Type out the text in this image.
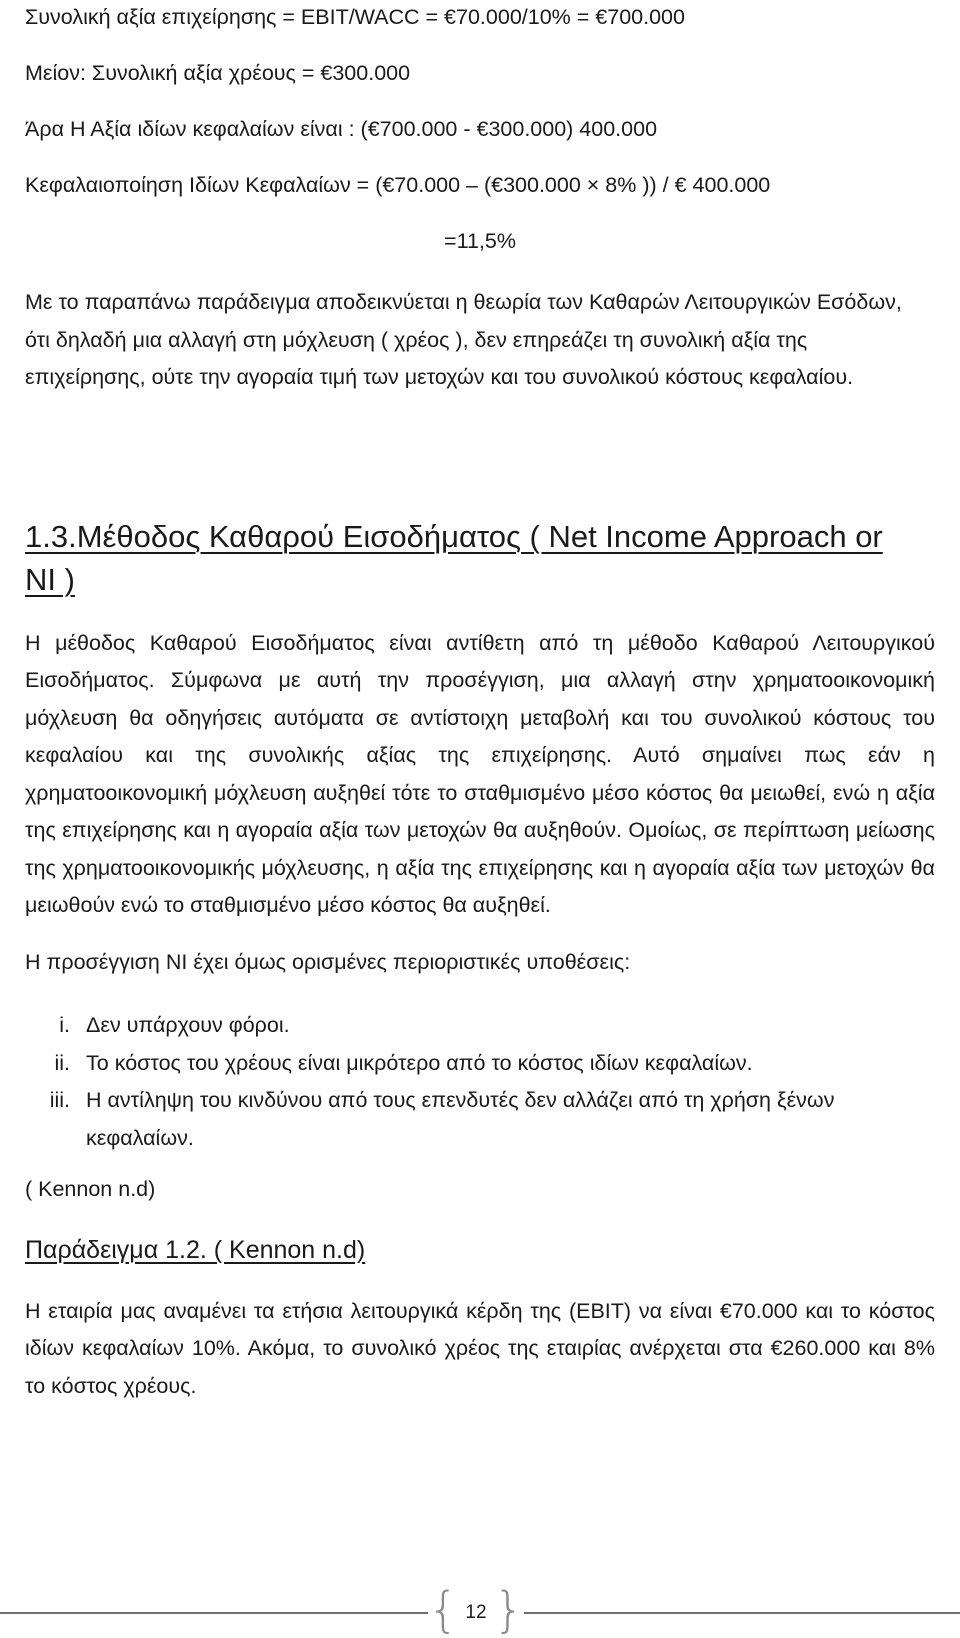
Συνολική αξία επιχείρησης = EBIT/WACC = €70.000/10% = €700.000

Μείον: Συνολική αξία χρέους = €300.000

Άρα Η Αξία ιδίων κεφαλαίων είναι : (€700.000 - €300.000) 400.000

Κεφαλαιοποίηση Ιδίων Κεφαλαίων = (€70.000 – (€300.000 × 8% )) / € 400.000

=11,5%

Με το παραπάνω παράδειγμα αποδεικνύεται η θεωρία των Καθαρών Λειτουργικών Εσόδων, ότι δηλαδή μια αλλαγή στη μόχλευση ( χρέος ), δεν επηρεάζει τη συνολική αξία της επιχείρησης, ούτε την αγοραία τιμή των μετοχών και του συνολικού κόστους κεφαλαίου.

1.3.Μέθοδος Καθαρού Εισοδήματος ( Net Income Approach or NI )

Η μέθοδος Καθαρού Εισοδήματος είναι αντίθετη από τη μέθοδο Καθαρού Λειτουργικού Εισοδήματος. Σύμφωνα με αυτή την προσέγγιση, μια αλλαγή στην χρηματοοικονομική μόχλευση θα οδηγήσεις αυτόματα σε αντίστοιχη μεταβολή και του συνολικού κόστους του κεφαλαίου και της συνολικής αξίας της επιχείρησης. Αυτό σημαίνει πως εάν η χρηματοοικονομική μόχλευση αυξηθεί τότε το σταθμισμένο μέσο κόστος θα μειωθεί, ενώ η αξία της επιχείρησης και η αγοραία αξία των μετοχών θα αυξηθούν. Ομοίως, σε περίπτωση μείωσης της χρηματοοικονομικής μόχλευσης, η αξία της επιχείρησης και η αγοραία αξία των μετοχών θα μειωθούν ενώ το σταθμισμένο μέσο κόστος θα αυξηθεί.

Η προσέγγιση NI έχει όμως ορισμένες περιοριστικές υποθέσεις:

i. Δεν υπάρχουν φόροι.
ii. Το κόστος του χρέους είναι μικρότερο από το κόστος ιδίων κεφαλαίων.
iii. Η αντίληψη του κινδύνου από τους επενδυτές δεν αλλάζει από τη χρήση ξένων κεφαλαίων.

( Kennon n.d)

Παράδειγμα 1.2. ( Kennon n.d)

Η εταιρία μας αναμένει τα ετήσια λειτουργικά κέρδη της (EBIT) να είναι €70.000 και το κόστος ιδίων κεφαλαίων 10%. Ακόμα, το συνολικό χρέος της εταιρίας ανέρχεται στα €260.000 και 8% το κόστος χρέους.

{ 12 }
